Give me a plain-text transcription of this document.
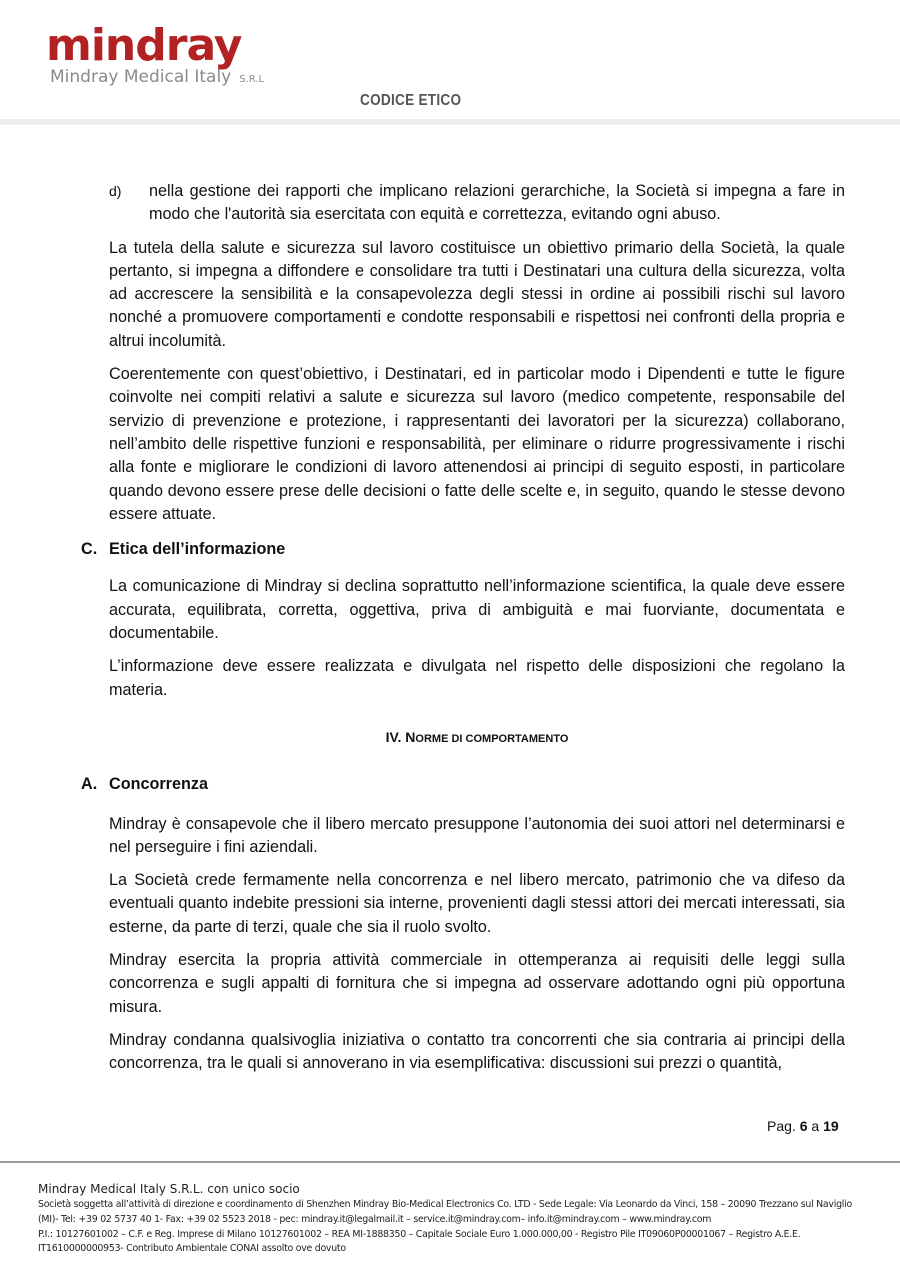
mindray
Mindray Medical Italy S.R.L
CODICE ETICO
d) nella gestione dei rapporti che implicano relazioni gerarchiche, la Società si impegna a fare in modo che l'autorità sia esercitata con equità e correttezza, evitando ogni abuso.

La tutela della salute e sicurezza sul lavoro costituisce un obiettivo primario della Società, la quale pertanto, si impegna a diffondere e consolidare tra tutti i Destinatari una cultura della sicurezza, volta ad accrescere la sensibilità e la consapevolezza degli stessi in ordine ai possibili rischi sul lavoro nonché a promuovere comportamenti e condotte responsabili e rispettosi nei confronti della propria e altrui incolumità.

Coerentemente con quest’obiettivo, i Destinatari, ed in particolar modo i Dipendenti e tutte le figure coinvolte nei compiti relativi a salute e sicurezza sul lavoro (medico competente, responsabile del servizio di prevenzione e protezione, i rappresentanti dei lavoratori per la sicurezza) collaborano, nell’ambito delle rispettive funzioni e responsabilità, per eliminare o ridurre progressivamente i rischi alla fonte e migliorare le condizioni di lavoro attenendosi ai principi di seguito esposti, in particolare quando devono essere prese delle decisioni o fatte delle scelte e, in seguito, quando le stesse devono essere attuate.

C. Etica dell’informazione

La comunicazione di Mindray si declina soprattutto nell’informazione scientifica, la quale deve essere accurata, equilibrata, corretta, oggettiva, priva di ambiguità e mai fuorviante, documentata e documentabile.

L’informazione deve essere realizzata e divulgata nel rispetto delle disposizioni che regolano la materia.

IV. NORME DI COMPORTAMENTO
A. Concorrenza

Mindray è consapevole che il libero mercato presuppone l’autonomia dei suoi attori nel determinarsi e nel perseguire i fini aziendali.

La Società crede fermamente nella concorrenza e nel libero mercato, patrimonio che va difeso da eventuali quanto indebite pressioni sia interne, provenienti dagli stessi attori dei mercati interessati, sia esterne, da parte di terzi, quale che sia il ruolo svolto.

Mindray esercita la propria attività commerciale in ottemperanza ai requisiti delle leggi sulla concorrenza e sugli appalti di fornitura che si impegna ad osservare adottando ogni più opportuna misura.

Mindray condanna qualsivoglia iniziativa o contatto tra concorrenti che sia contraria ai principi della concorrenza, tra le quali si annoverano in via esemplificativa: discussioni sui prezzi o quantità,

Pag. 6 a 19
Mindray Medical Italy S.R.L. con unico socio
Società soggetta all’attività di direzione e coordinamento di Shenzhen Mindray Bio-Medical Electronics Co. LTD - Sede Legale: Via Leonardo da Vinci, 158 – 20090 Trezzano sul Naviglio
(MI)- Tel: +39 02 5737 40 1- Fax: +39 02 5523 2018 - pec: mindray.it@legalmail.it – service.it@mindray.com– info.it@mindray.com – www.mindray.com
P.I.: 10127601002 – C.F. e Reg. Imprese di Milano 10127601002 – REA MI-1888350 – Capitale Sociale Euro 1.000.000,00 - Registro Pile IT09060P00001067 – Registro A.E.E.
IT1610000000953- Contributo Ambientale CONAI assolto ove dovuto
